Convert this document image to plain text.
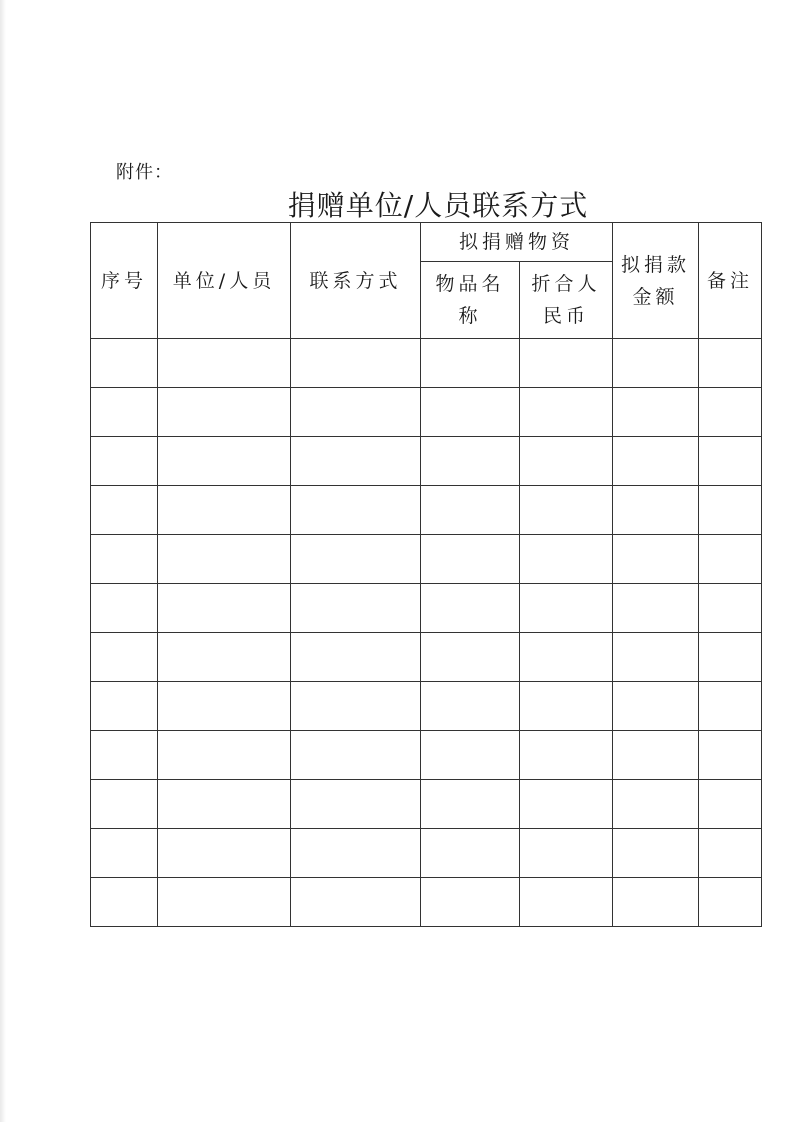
附件：
捐赠单位/人员联系方式
序号	单位/人员	联系方式	拟捐赠物资		拟捐款金额	备注
			物品名称	折合人民币		
